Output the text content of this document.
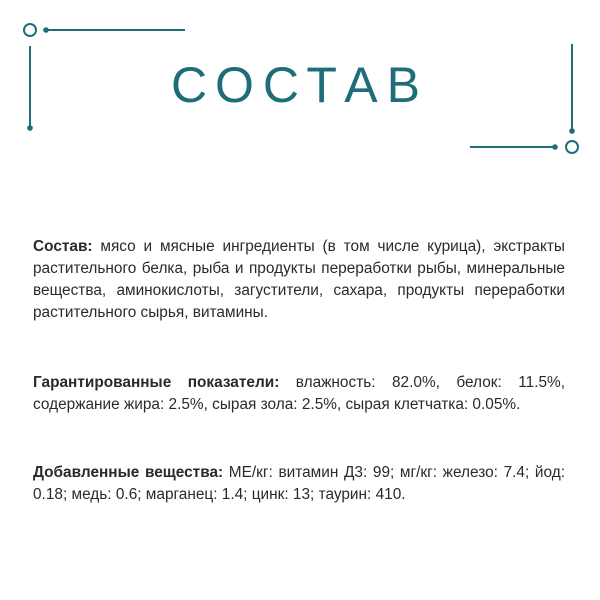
СОСТАВ
Состав: мясо и мясные ингредиенты (в том числе курица), экстракты растительного белка, рыба и продукты переработки рыбы, минеральные вещества, аминокислоты, загустители, сахара, продукты переработки растительного сырья, витамины.
Гарантированные показатели: влажность: 82.0%, белок: 11.5%, содержание жира: 2.5%, сырая зола: 2.5%, сырая клетчатка: 0.05%.
Добавленные вещества: МЕ/кг: витамин Д3: 99; мг/кг: железо: 7.4; йод: 0.18; медь: 0.6; марганец: 1.4; цинк: 13; таурин: 410.
